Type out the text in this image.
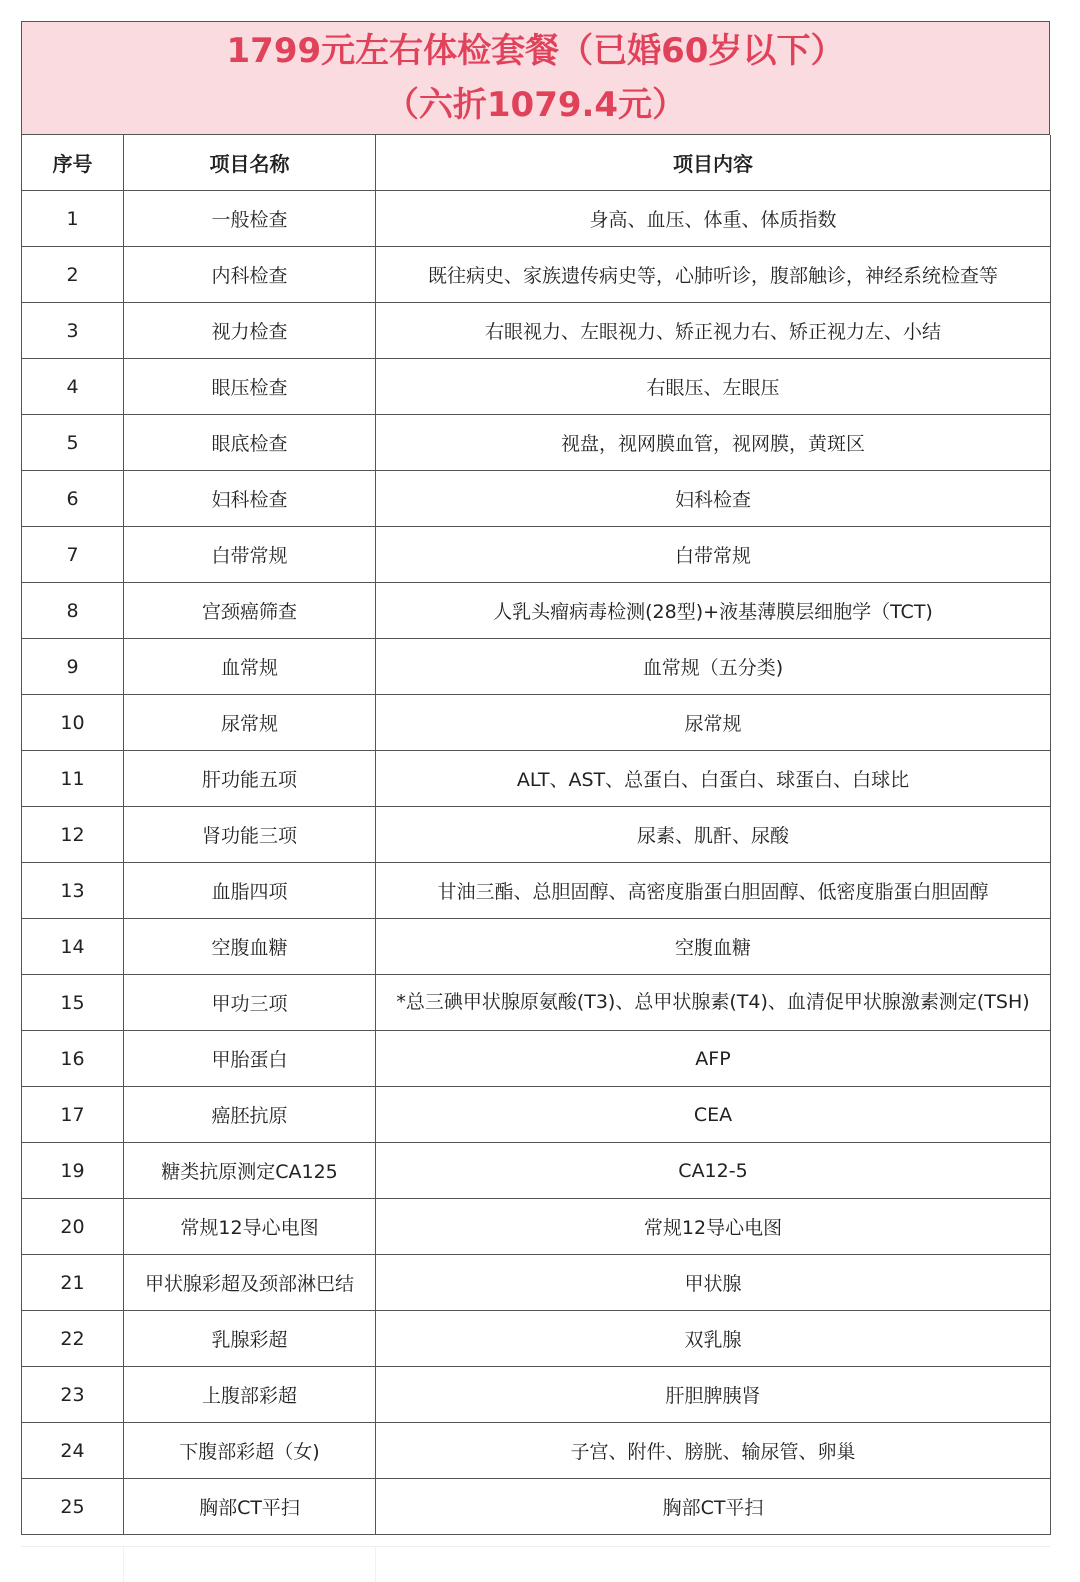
1799元左右体检套餐（已婚60岁以下）
（六折1079.4元）
序号	项目名称	项目内容
1	一般检查	身高、血压、体重、体质指数
2	内科检查	既往病史、家族遗传病史等，心肺听诊，腹部触诊，神经系统检查等
3	视力检查	右眼视力、左眼视力、矫正视力右、矫正视力左、小结
4	眼压检查	右眼压、左眼压
5	眼底检查	视盘，视网膜血管，视网膜，黄斑区
6	妇科检查	妇科检查
7	白带常规	白带常规
8	宫颈癌筛查	人乳头瘤病毒检测(28型)+液基薄膜层细胞学（TCT)
9	血常规	血常规（五分类)
10	尿常规	尿常规
11	肝功能五项	ALT、AST、总蛋白、白蛋白、球蛋白、白球比
12	肾功能三项	尿素、肌酐、尿酸
13	血脂四项	甘油三酯、总胆固醇、高密度脂蛋白胆固醇、低密度脂蛋白胆固醇
14	空腹血糖	空腹血糖
15	甲功三项	*总三碘甲状腺原氨酸(T3)、总甲状腺素(T4)、血清促甲状腺激素测定(TSH)
16	甲胎蛋白	AFP
17	癌胚抗原	CEA
19	糖类抗原测定CA125	CA12-5
20	常规12导心电图	常规12导心电图
21	甲状腺彩超及颈部淋巴结	甲状腺
22	乳腺彩超	双乳腺
23	上腹部彩超	肝胆脾胰肾
24	下腹部彩超（女)	子宫、附件、膀胱、输尿管、卵巢
25	胸部CT平扫	胸部CT平扫
